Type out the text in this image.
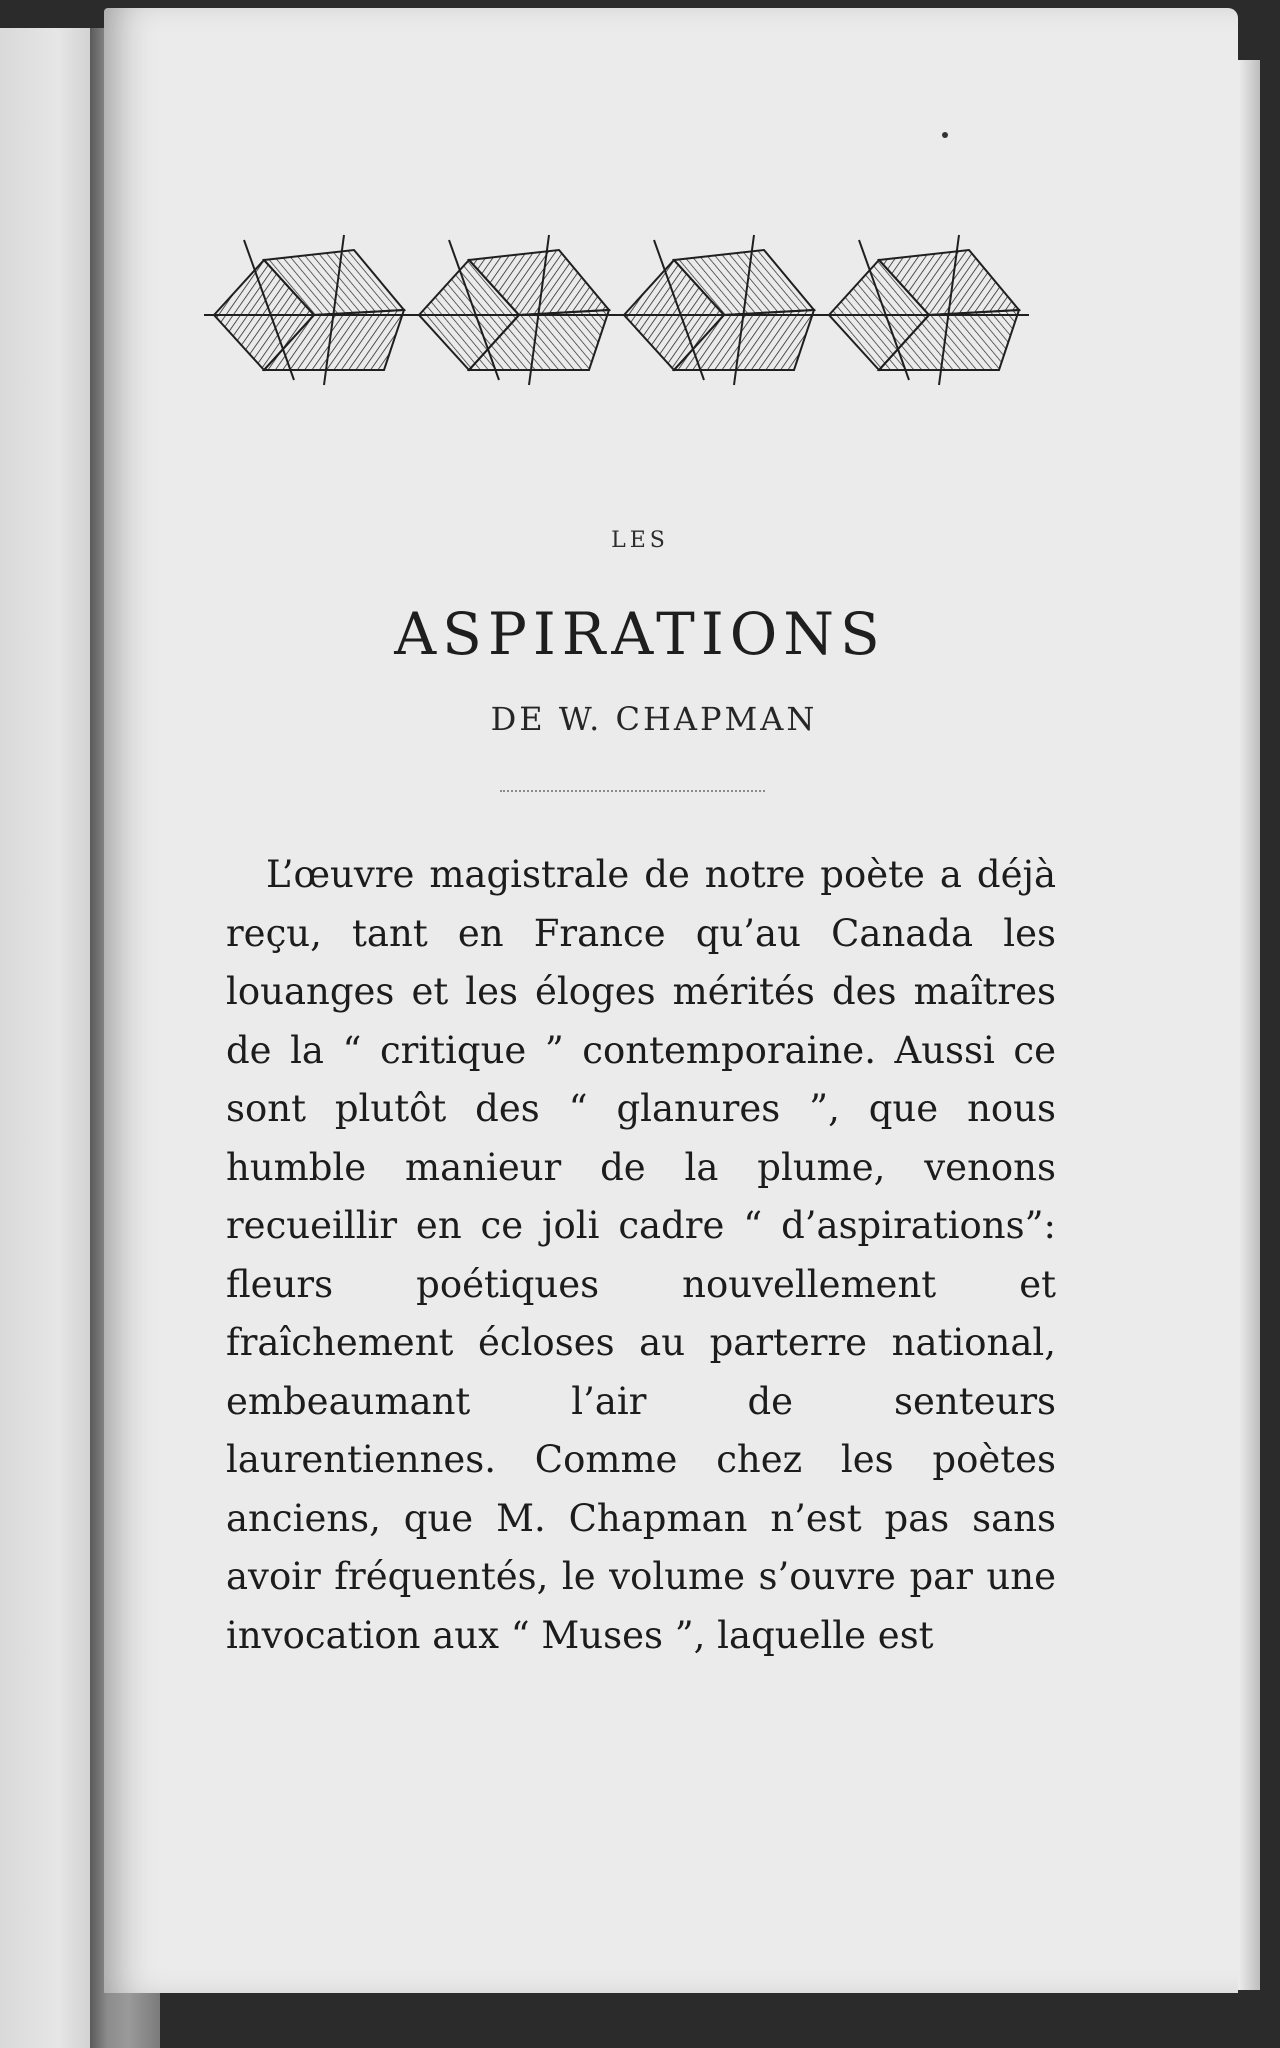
LES
ASPIRATIONS
DE W. CHAPMAN

L’œuvre magistrale de notre poète a déjà reçu, tant en France qu’au Canada les louanges et les éloges mérités des maîtres de la “ critique ” contemporaine. Aussi ce sont plutôt des “ glanures ”, que nous humble manieur de la plume, venons recueillir en ce joli cadre “ d’aspirations”: fleurs poétiques nouvellement et fraîchement écloses au parterre national, embeaumant l’air de senteurs laurentiennes. Comme chez les poètes anciens, que M. Chapman n’est pas sans avoir fréquentés, le volume s’ouvre par une invocation aux “ Muses ”, laquelle est
